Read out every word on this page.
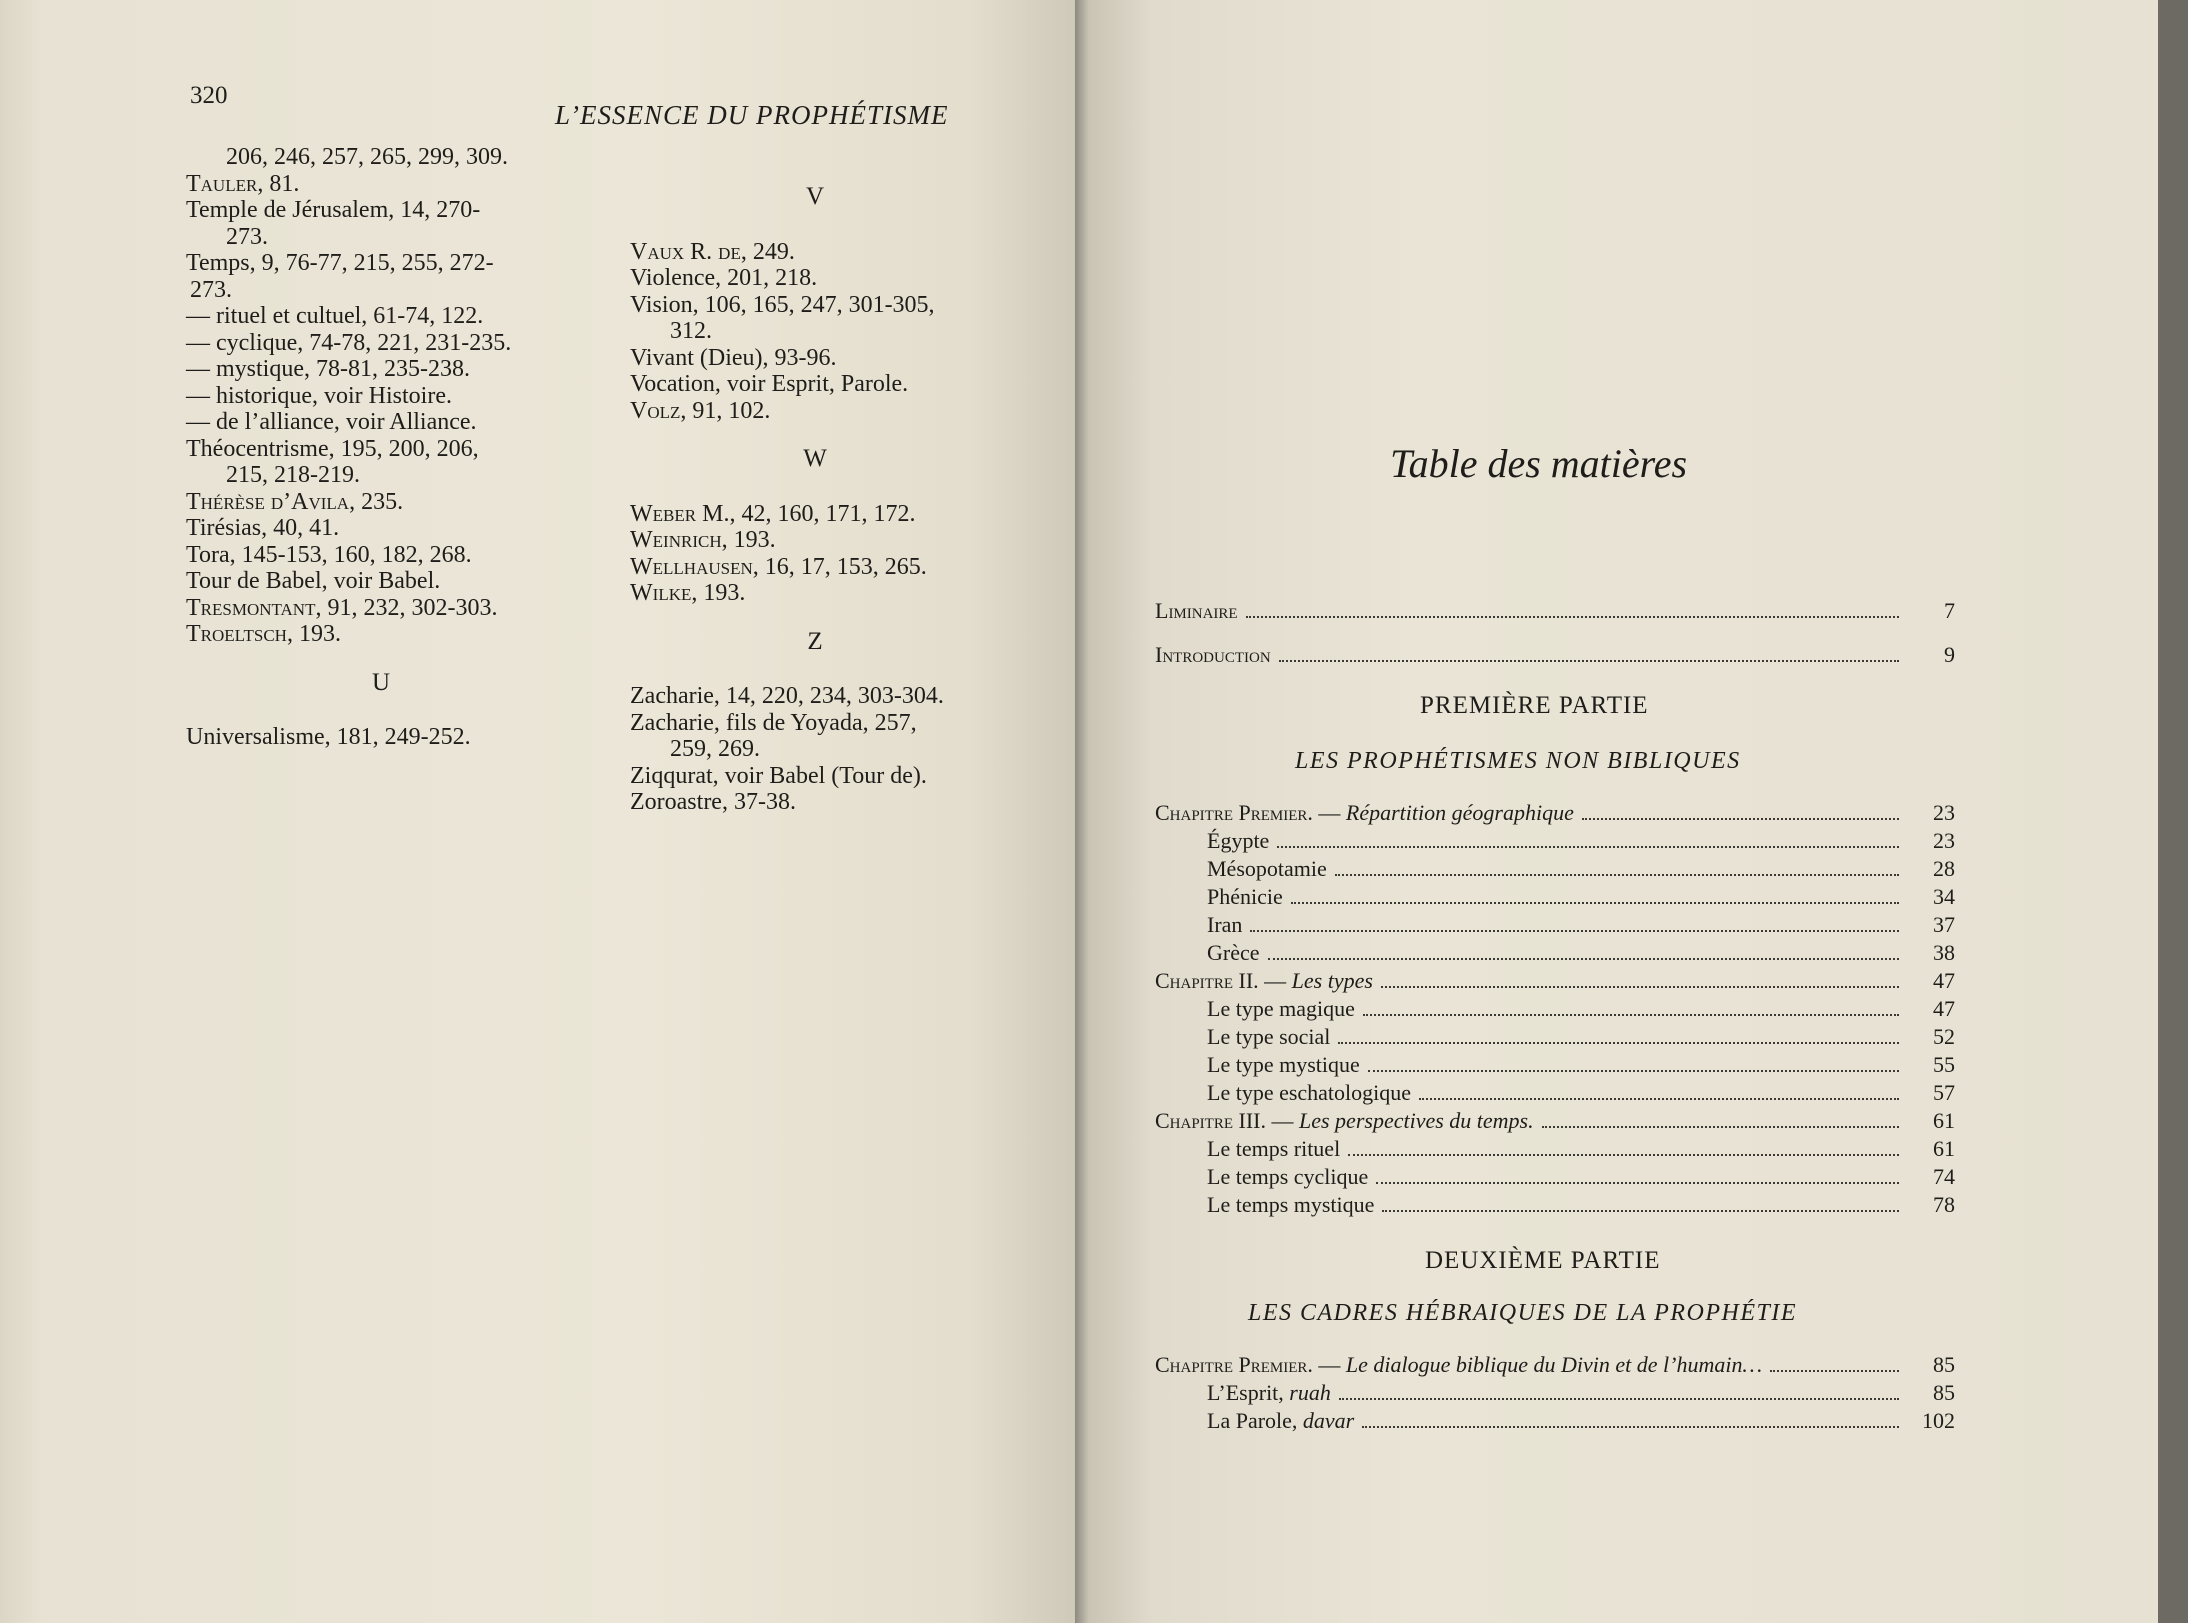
320
L’ESSENCE DU PROPHÉTISME
206, 246, 257, 265, 299, 309.
Tauler, 81.
Temple de Jérusalem, 14, 270-
273.
Temps, 9, 76-77, 215, 255, 272-
273.
— rituel et cultuel, 61-74, 122.
— cyclique, 74-78, 221, 231-235.
— mystique, 78-81, 235-238.
— historique, voir Histoire.
— de l’alliance, voir Alliance.
Théocentrisme, 195, 200, 206,
215, 218-219.
Thérèse d’Avila, 235.
Tirésias, 40, 41.
Tora, 145-153, 160, 182, 268.
Tour de Babel, voir Babel.
Tresmontant, 91, 232, 302-303.
Troeltsch, 193.
U
Universalisme, 181, 249-252.
V
Vaux R. de, 249.
Violence, 201, 218.
Vision, 106, 165, 247, 301-305,
312.
Vivant (Dieu), 93-96.
Vocation, voir Esprit, Parole.
Volz, 91, 102.
W
Weber M., 42, 160, 171, 172.
Weinrich, 193.
Wellhausen, 16, 17, 153, 265.
Wilke, 193.
Z
Zacharie, 14, 220, 234, 303-304.
Zacharie, fils de Yoyada, 257,
259, 269.
Ziqqurat, voir Babel (Tour de).
Zoroastre, 37-38.
Table des matières
PREMIÈRE PARTIE
LES PROPHÉTISMES NON BIBLIQUES
DEUXIÈME PARTIE
LES CADRES HÉBRAIQUES DE LA PROPHÉTIE
Liminaire	7
Introduction	9
Chapitre Premier. — Répartition géographique	23
Égypte	23
Mésopotamie	28
Phénicie	34
Iran	37
Grèce	38
Chapitre II. — Les types	47
Le type magique	47
Le type social	52
Le type mystique	55
Le type eschatologique	57
Chapitre III. — Les perspectives du temps.	61
Le temps rituel	61
Le temps cyclique	74
Le temps mystique	78
Chapitre Premier. — Le dialogue biblique du Divin et de l’humain…	85
L’Esprit, ruah	85
La Parole, davar	102
